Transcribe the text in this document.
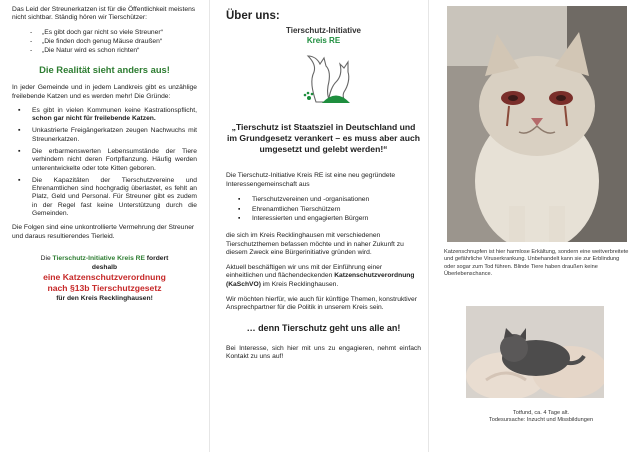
Das Leid der Streunerkatzen ist für die Öffentlichkeit meistens nicht sichtbar. Ständig hören wir Tierschützer:

- „Es gibt doch gar nicht so viele Streuner“
- „Die finden doch genug Mäuse draußen“
- „Die Natur wird es schon richten“
Die Realität sieht anders aus!

In jeder Gemeinde und in jedem Landkreis gibt es unzählige freilebende Katzen und es werden mehr! Die Gründe:

▪ Es gibt in vielen Kommunen keine Kastrationspflicht, schon gar nicht für freilebende Katzen.
▪ Unkastrierte Freigängerkatzen zeugen Nachwuchs mit Streunerkatzen.
▪ Die erbarmenswerten Lebensumstände der Tiere verhindern nicht deren Fortpflanzung. Häufig werden unterentwickelte oder tote Kitten geboren.
▪ Die Kapazitäten der Tierschutzvereine und Ehrenamtlichen sind hochgradig überlastet, es fehlt an Platz, Geld und Personal. Für Streuner gibt es zudem in der Regel fast keine Unterstützung durch die Gemeinden.

Die Folgen sind eine unkontrollierte Vermehrung der Streuner und daraus resultierendes Tierleid.

Die Tierschutz-Initiative Kreis RE fordert
deshalb
eine Katzenschutzverordnung
nach §13b Tierschutzgesetz
für den Kreis Recklinghausen!
Über uns:
Tierschutz-Initiative
Kreis RE

„Tierschutz ist Staatsziel in Deutschland und im Grundgesetz verankert – es muss aber auch umgesetzt und gelebt werden!“

Die Tierschutz-Initiative Kreis RE ist eine neu gegründete Interessengemeinschaft aus

▪ Tierschutzvereinen und -organisationen
▪ Ehrenamtlichen Tierschützern
▪ Interessierten und engagierten Bürgern

die sich im Kreis Recklinghausen mit verschiedenen Tierschutzthemen befassen möchte und in naher Zukunft zu diesem Zweck eine Bürgerinitiative gründen wird.

Aktuell beschäftigen wir uns mit der Einführung einer einheitlichen und flächendeckenden Katzenschutzverordnung (KaSchVO) im Kreis Recklinghausen.

Wir möchten hierfür, wie auch für künftige Themen, konstruktiver Ansprechpartner für die Politik in unserem Kreis sein.

… denn Tierschutz geht uns alle an!

Bei Interesse, sich hier mit uns zu engagieren, nehmt einfach Kontakt zu uns auf!

Katzenschnupfen ist hier harmlose Erkältung, sondern eine weitverbreitete und gefährliche Viruserkrankung. Unbehandelt kann sie zur Erblindung oder sogar zum Tod führen. Blinde Tiere haben draußen keine Überlebenschance.

Totfund, ca. 4 Tage alt.
Todesursache: Inzucht und Missbildungen
